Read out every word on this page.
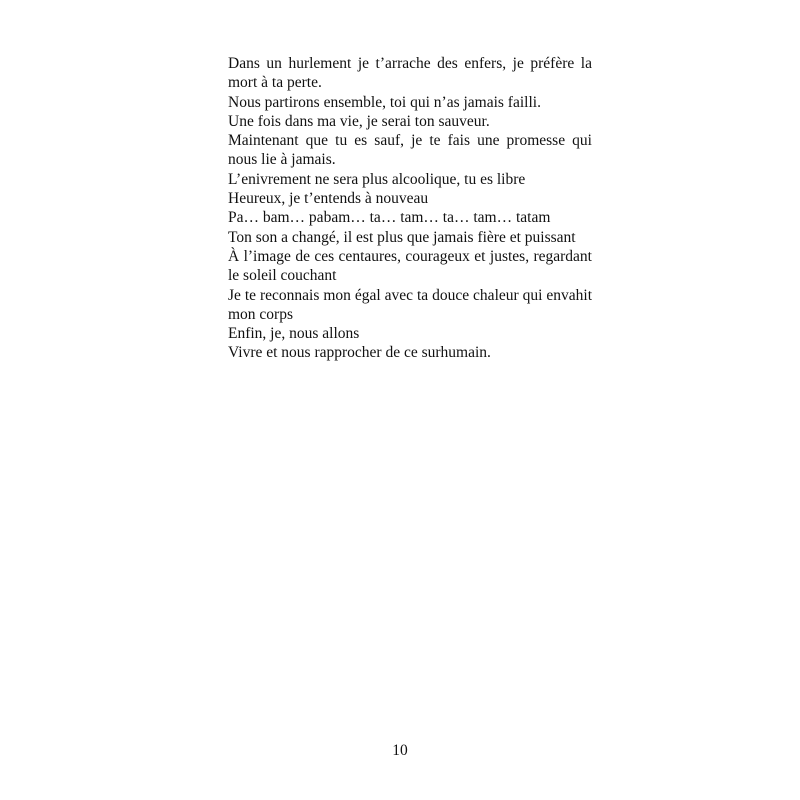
Dans un hurlement je t’arrache des enfers, je préfère la mort à ta perte.

Nous partirons ensemble, toi qui n’as jamais failli.

Une fois dans ma vie, je serai ton sauveur.

Maintenant que tu es sauf, je te fais une promesse qui nous lie à jamais.

L’enivrement ne sera plus alcoolique, tu es libre

Heureux, je t’entends à nouveau

Pa… bam… pabam… ta… tam… ta… tam… tatam

Ton son a changé, il est plus que jamais fière et puissant

À l’image de ces centaures, courageux et justes, regardant le soleil couchant

Je te reconnais mon égal avec ta douce chaleur qui envahit mon corps

Enfin, je, nous allons

Vivre et nous rapprocher de ce surhumain.

10
